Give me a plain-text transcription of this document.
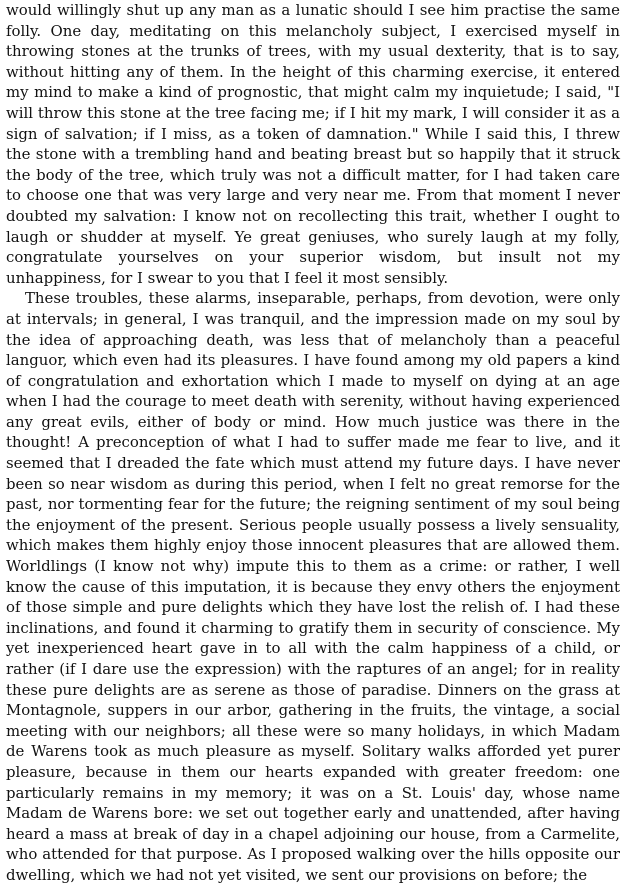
would willingly shut up any man as a lunatic should I see him practise the same folly. One day, meditating on this melancholy subject, I exercised myself in throwing stones at the trunks of trees, with my usual dexterity, that is to say, without hitting any of them. In the height of this charming exercise, it entered my mind to make a kind of prognostic, that might calm my inquietude; I said, "I will throw this stone at the tree facing me; if I hit my mark, I will consider it as a sign of salvation; if I miss, as a token of damnation." While I said this, I threw the stone with a trembling hand and beating breast but so happily that it struck the body of the tree, which truly was not a difficult matter, for I had taken care to choose one that was very large and very near me. From that moment I never doubted my salvation: I know not on recollecting this trait, whether I ought to laugh or shudder at myself. Ye great geniuses, who surely laugh at my folly, congratulate yourselves on your superior wisdom, but insult not my unhappiness, for I swear to you that I feel it most sensibly.

These troubles, these alarms, inseparable, perhaps, from devotion, were only at intervals; in general, I was tranquil, and the impression made on my soul by the idea of approaching death, was less that of melancholy than a peaceful languor, which even had its pleasures. I have found among my old papers a kind of congratulation and exhortation which I made to myself on dying at an age when I had the courage to meet death with serenity, without having experienced any great evils, either of body or mind. How much justice was there in the thought! A preconception of what I had to suffer made me fear to live, and it seemed that I dreaded the fate which must attend my future days. I have never been so near wisdom as during this period, when I felt no great remorse for the past, nor tormenting fear for the future; the reigning sentiment of my soul being the enjoyment of the present. Serious people usually possess a lively sensuality, which makes them highly enjoy those innocent pleasures that are allowed them. Worldlings (I know not why) impute this to them as a crime: or rather, I well know the cause of this imputation, it is because they envy others the enjoyment of those simple and pure delights which they have lost the relish of. I had these inclinations, and found it charming to gratify them in security of conscience. My yet inexperienced heart gave in to all with the calm happiness of a child, or rather (if I dare use the expression) with the raptures of an angel; for in reality these pure delights are as serene as those of paradise. Dinners on the grass at Montagnole, suppers in our arbor, gathering in the fruits, the vintage, a social meeting with our neighbors; all these were so many holidays, in which Madam de Warens took as much pleasure as myself. Solitary walks afforded yet purer pleasure, because in them our hearts expanded with greater freedom: one particularly remains in my memory; it was on a St. Louis' day, whose name Madam de Warens bore: we set out together early and unattended, after having heard a mass at break of day in a chapel adjoining our house, from a Carmelite, who attended for that purpose. As I proposed walking over the hills opposite our dwelling, which we had not yet visited, we sent our provisions on before; the
